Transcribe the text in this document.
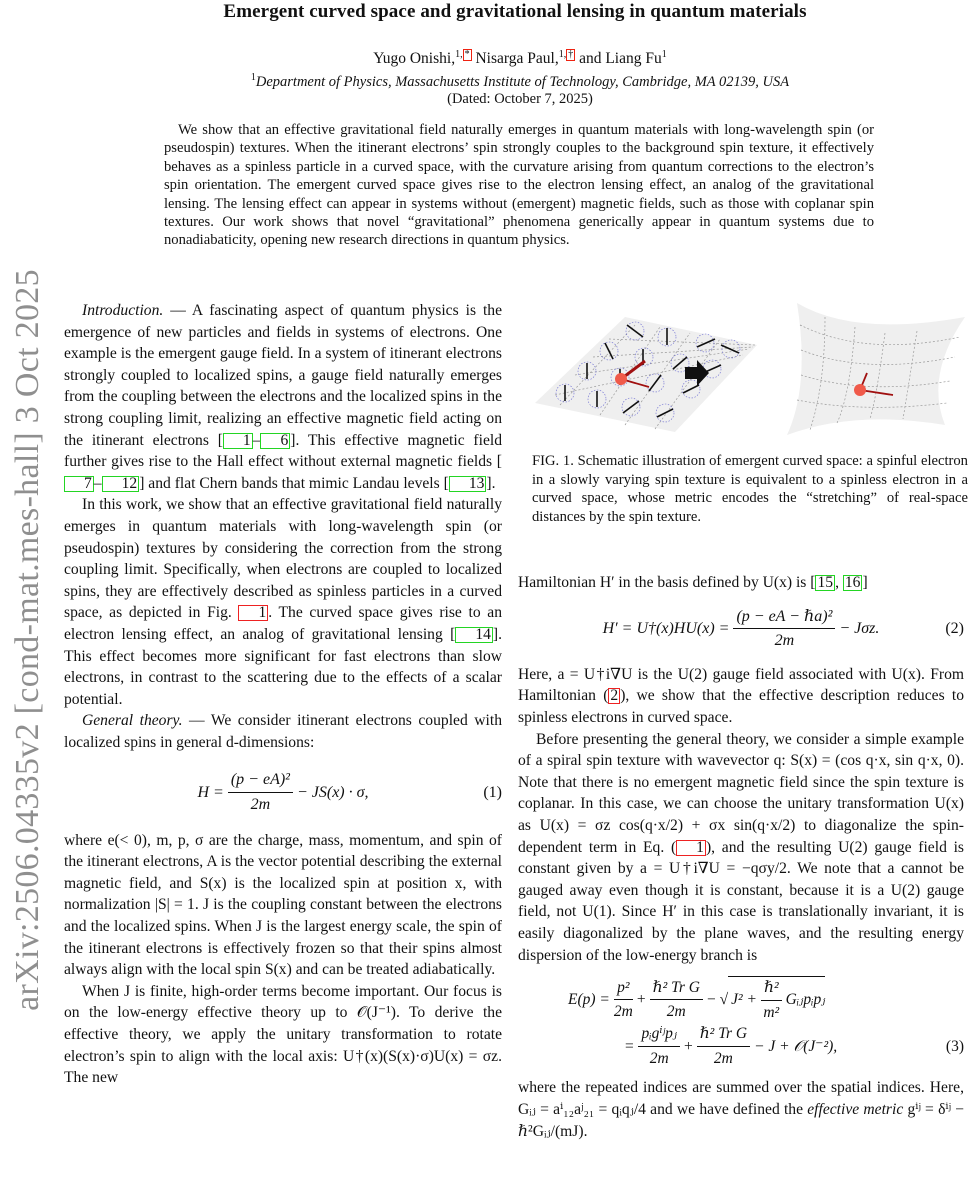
arXiv:2506.04335v2 [cond-mat.mes-hall] 3 Oct 2025
Emergent curved space and gravitational lensing in quantum materials
Yugo Onishi,$^{1,}$ * Nisarga Paul,$^{1,}$ † and Liang Fu$^1$
$^1$Department of Physics, Massachusetts Institute of Technology, Cambridge, MA 02139, USA
(Dated: October 7, 2025)
We show that an effective gravitational field naturally emerges in quantum materials with long-wavelength spin (or pseudospin) textures. When the itinerant electrons’ spin strongly couples to the background spin texture, it effectively behaves as a spinless particle in a curved space, with the curvature arising from quantum corrections to the electron’s spin orientation. The emergent curved space gives rise to the electron lensing effect, an analog of the gravitational lensing. The lensing effect can appear in systems without (emergent) magnetic fields, such as those with coplanar spin textures. Our work shows that novel “gravitational” phenomena generically appear in quantum systems due to nonadiabaticity, opening new research directions in quantum physics.

Introduction. — A fascinating aspect of quantum physics is the emergence of new particles and fields in systems of electrons. One example is the emergent gauge field. In a system of itinerant electrons strongly coupled to localized spins, a gauge field naturally emerges from the coupling between the electrons and the localized spins in the strong coupling limit, realizing an effective magnetic field acting on the itinerant electrons [ 1 – 6 ]. This effective magnetic field further gives rise to the Hall effect without external magnetic fields [7 – 12 ] and flat Chern bands that mimic Landau levels [ 13 ].

In this work, we show that an effective gravitational field naturally emerges in quantum materials with long-wavelength spin (or pseudospin) textures by considering the correction from the strong coupling limit. Specifically, when electrons are coupled to localized spins, they are effectively described as spinless particles in a curved space, as depicted in Fig. 1 . The curved space gives rise to an electron lensing effect, an analog of gravitational lensing [ 14 ]. This effect becomes more significant for fast electrons than slow electrons, in contrast to the scattering due to the effects of a scalar potential.

General theory. — We consider itinerant electrons coupled with localized spins in general d-dimensions:

$H = \frac{\text{(p − eA)²}}{2m} - JS(x) \cdot \sigma$,	(1)

where e(< 0), m, p, σ are the charge, mass, momentum, and spin of the itinerant electrons, A is the vector potential describing the external magnetic field, and S(x) is the localized spin at position x, with normalization |S| = 1. J is the coupling constant between the electrons and the localized spins. When J is the largest energy scale, the spin of the itinerant electrons is effectively frozen so that their spins almost always align with the local spin S(x) and can be treated adiabatically.

When J is finite, high-order terms become important. Our focus is on the low-energy effective theory up to 𝒪(J⁻¹). To derive the effective theory, we apply the unitary transformation to rotate electron’s spin to align with the local axis: U†(x)(S(x)·σ)U(x) = σz. The new

FIG. 1. Schematic illustration of emergent curved space: a spinful electron in a slowly varying spin texture is equivalent to a spinless electron in a curved space, whose metric encodes the “stretching” of real-space distances by the spin texture.

Hamiltonian H′ in the basis defined by U(x) is [ 15 , 16 ]

H′ = U†(x)HU(x) = $\frac{\text{(p − eA − ℏa)²}}{2m} - J\sigma z$.	(2)

Here, a = U†i∇U is the U(2) gauge field associated with U(x). From Hamiltonian ( 2 ), we show that the effective description reduces to spinless electrons in curved space.

Before presenting the general theory, we consider a simple example of a spiral spin texture with wavevector q: S(x) = (cos q·x, sin q·x, 0). Note that there is no emergent magnetic field since the spin texture is coplanar. In this case, we can choose the unitary transformation U(x) as U(x) = σz cos(q·x/2) + σx sin(q·x/2) to diagonalize the spin-dependent term in Eq. ( 1 ), and the resulting U(2) gauge field is constant given by a = U†i∇U = −qσy/2. We note that a cannot be gauged away even though it is constant, because it is a U(2) gauge field, not U(1). Since H′ in this case is translationally invariant, it is easily diagonalized by the plane waves, and the resulting energy dispersion of the low-energy branch is

$E(p) = \frac{\text{p²}}{2m} + \frac{\text{ℏ² Tr G}}{2m}$ − √ $J^2 + \frac{\text{ℏ²}}{\text{m²}}$ Gᵢⱼpᵢpⱼ
= $\frac{\text{pᵢgⁱʲpⱼ}}{2m} + \frac{\text{ℏ² Tr G}}{2m} - J$ + 𝒪(J⁻²),	(3)

where the repeated indices are summed over the spatial indices. Here, Gᵢⱼ = aⁱ₁₂aʲ₂₁ = qᵢqⱼ/4 and we have defined the effective metric gⁱʲ = δⁱʲ − ℏ²Gᵢⱼ/(mJ).
